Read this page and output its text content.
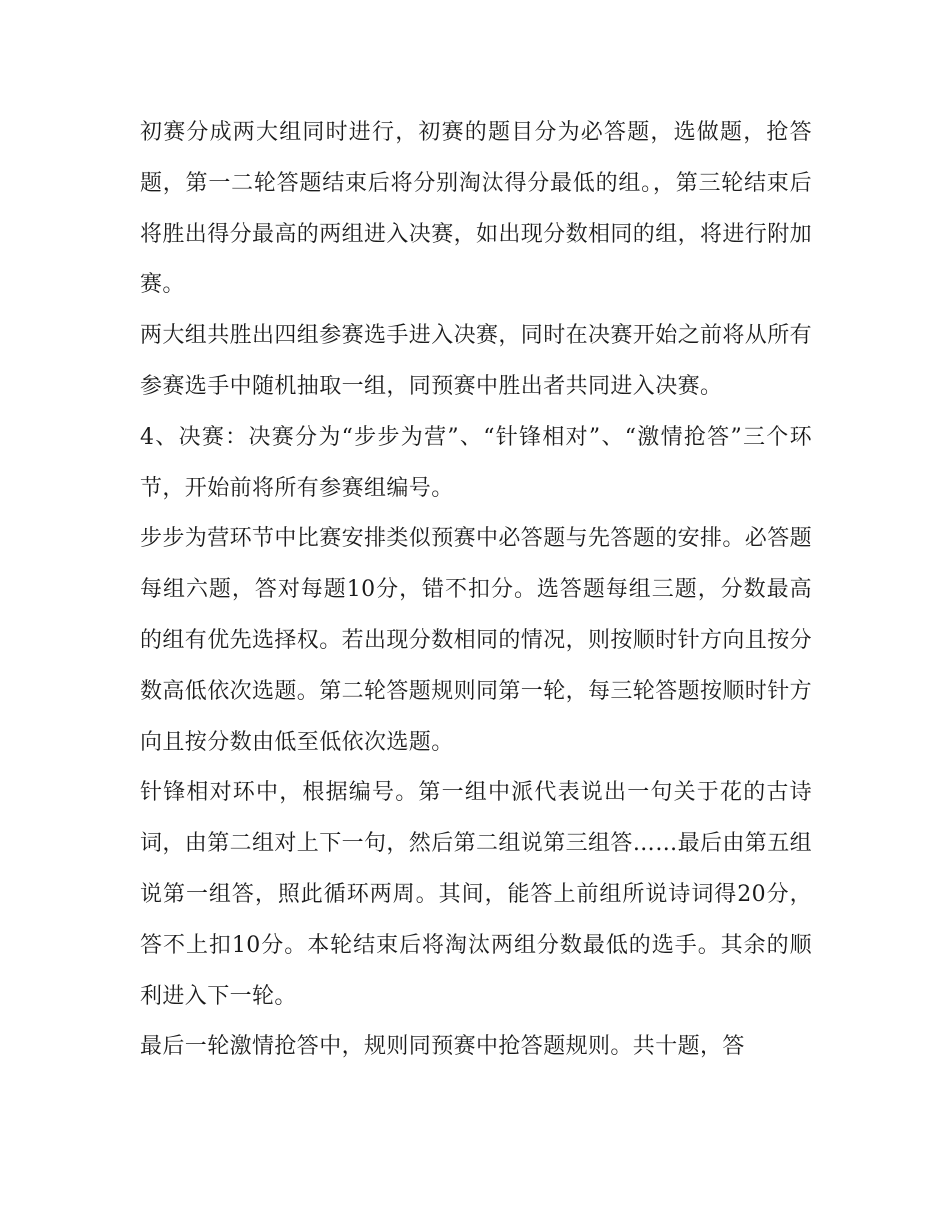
初赛分成两大组同时进行，初赛的题目分为必答题，选做题，抢答题，第一二轮答题结束后将分别淘汰得分最低的组。，第三轮结束后将胜出得分最高的两组进入决赛，如出现分数相同的组，将进行附加赛。

两大组共胜出四组参赛选手进入决赛，同时在决赛开始之前将从所有参赛选手中随机抽取一组，同预赛中胜出者共同进入决赛。

4、决赛：决赛分为“步步为营”、“针锋相对”、“激情抢答”三个环节，开始前将所有参赛组编号。

步步为营环节中比赛安排类似预赛中必答题与先答题的安排。必答题每组六题，答对每题10分，错不扣分。选答题每组三题，分数最高的组有优先选择权。若出现分数相同的情况，则按顺时针方向且按分数高低依次选题。第二轮答题规则同第一轮，每三轮答题按顺时针方向且按分数由低至低依次选题。

针锋相对环中，根据编号。第一组中派代表说出一句关于花的古诗词，由第二组对上下一句，然后第二组说第三组答……最后由第五组说第一组答，照此循环两周。其间，能答上前组所说诗词得20分，答不上扣10分。本轮结束后将淘汰两组分数最低的选手。其余的顺利进入下一轮。

最后一轮激情抢答中，规则同预赛中抢答题规则。共十题，答
